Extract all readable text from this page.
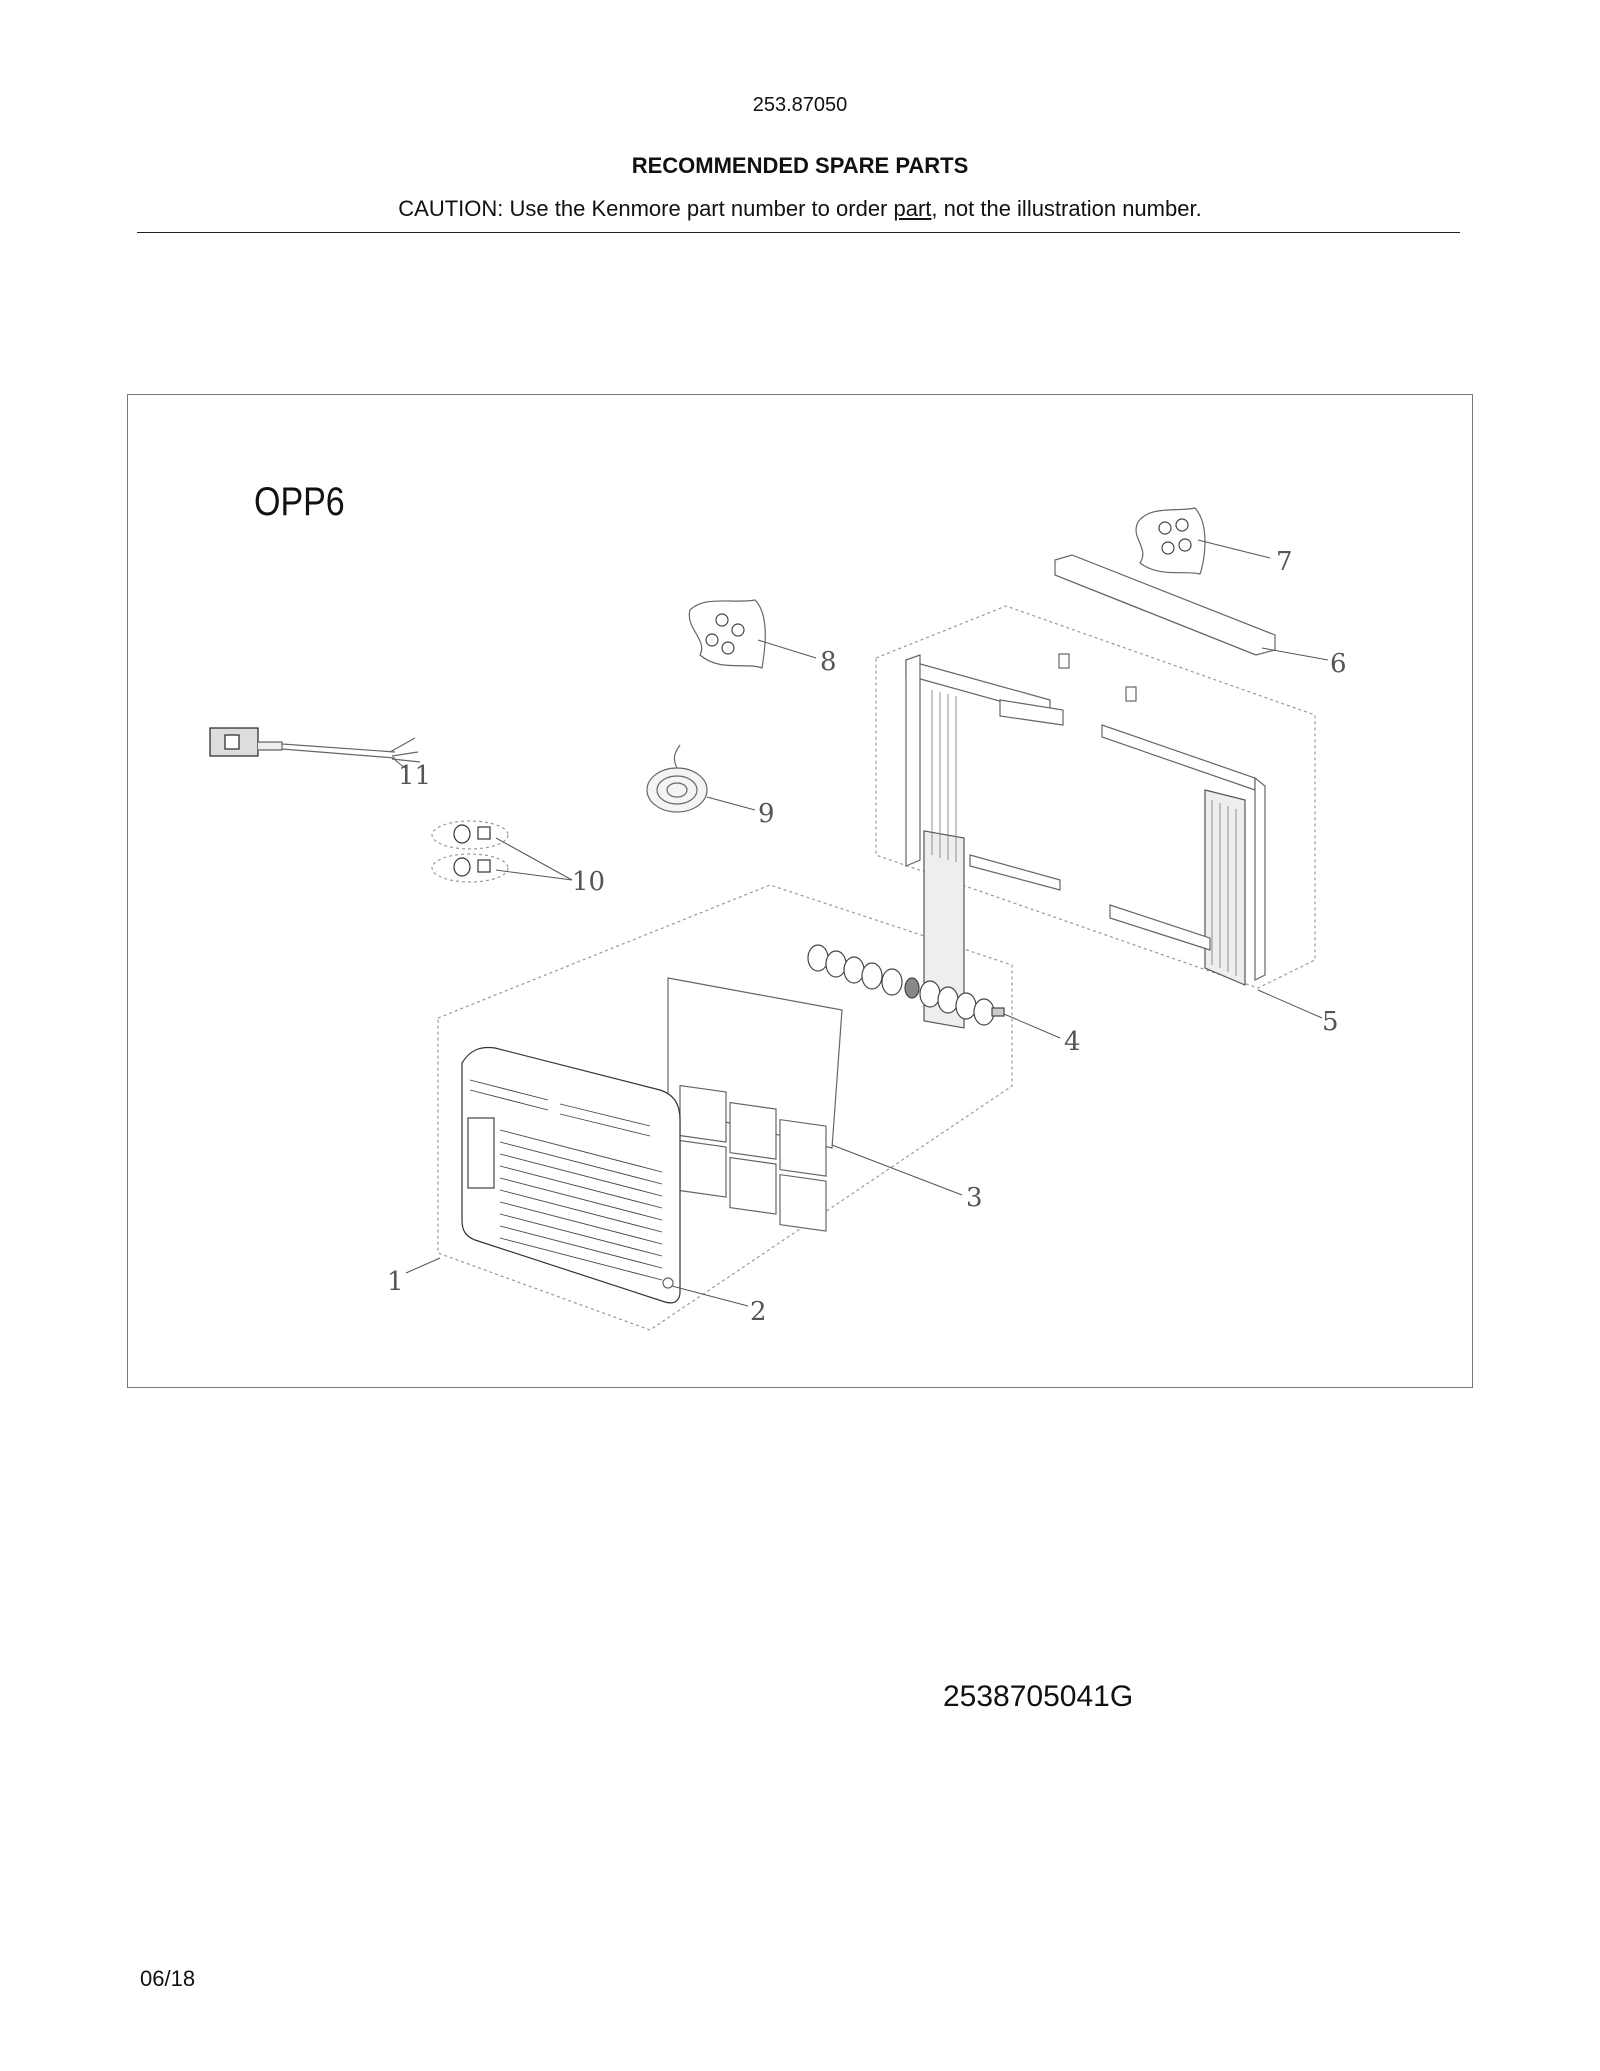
253.87050
RECOMMENDED SPARE PARTS
CAUTION: Use the Kenmore part number to order part, not the illustration number.
OPP6
1
2
3
4
5
6
7
8
9
10
11
2538705041G
06/18
